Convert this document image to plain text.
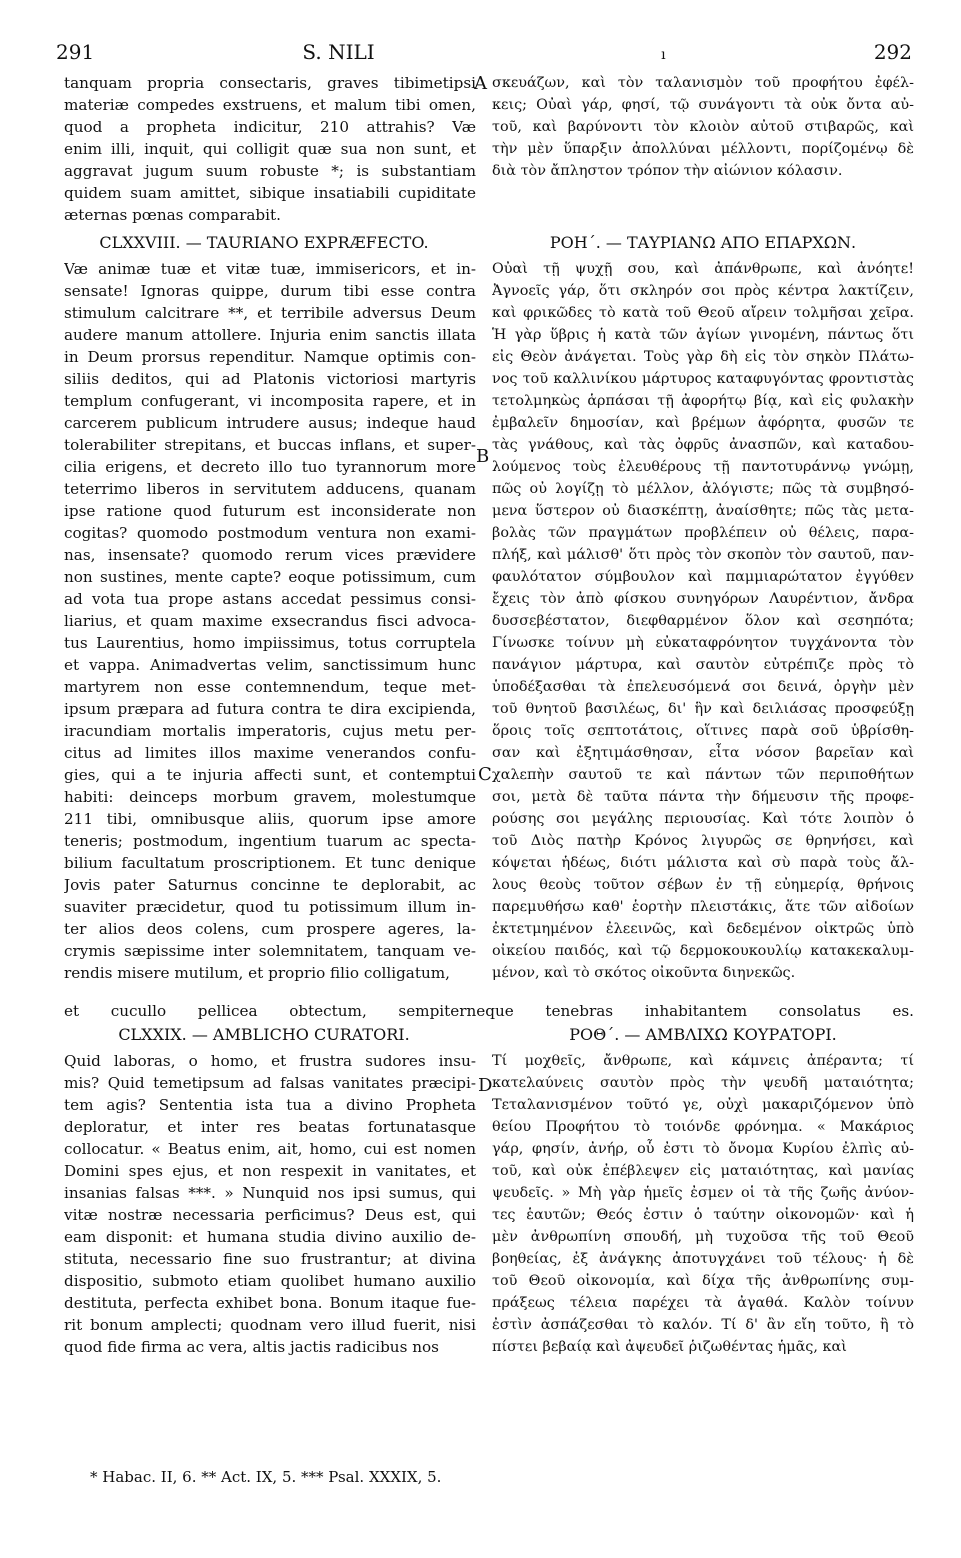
291	S. NILI	ı	292
tanquam propria consectaris, graves tibimetipsi
materiæ compedes exstruens, et malum tibi omen,
quod a propheta indicitur, 210 attrahis? Væ
enim illi, inquit, qui colligit quæ sua non sunt, et
aggravat jugum suum robuste *; is substantiam
quidem suam amittet, sibique insatiabili cupiditate
æternas pœnas comparabit.
CLXXVIII. — TAURIANO EXPRÆFECTO.
Væ animæ tuæ et vitæ tuæ, immisericors, et in-
sensate! Ignoras quippe, durum tibi esse contra
stimulum calcitrare **, et terribile adversus Deum
audere manum attollere. Injuria enim sanctis illata
in Deum prorsus rependitur. Namque optimis con-
siliis deditos, qui ad Platonis victoriosi martyris
templum confugerant, vi incomposita rapere, et in
carcerem publicum intrudere ausus; indeque haud
tolerabiliter strepitans, et buccas inflans, et super-
cilia erigens, et decreto illo tuo tyrannorum more
teterrimo liberos in servitutem adducens, quanam
ipse ratione quod futurum est inconsiderate non
cogitas? quomodo postmodum ventura non exami-
nas, insensate? quomodo rerum vices prævidere
non sustines, mente capte? eoque potissimum, cum
ad vota tua prope astans accedat pessimus consi-
liarius, et quam maxime exsecrandus fisci advoca-
tus Laurentius, homo impiissimus, totus corruptela
et vappa. Animadvertas velim, sanctissimum hunc
martyrem non esse contemnendum, teque met-
ipsum præpara ad futura contra te dira excipienda,
iracundiam mortalis imperatoris, cujus metu per-
citus ad limites illos maxime venerandos confu-
gies, qui a te injuria affecti sunt, et contemptui
habiti: deinceps morbum gravem, molestumque
211 tibi, omnibusque aliis, quorum ipse amore
teneris; postmodum, ingentium tuarum ac specta-
bilium facultatum proscriptionem. Et tunc denique
Jovis pater Saturnus concinne te deplorabit, ac
suaviter præcidetur, quod tu potissimum illum in-
ter alios deos colens, cum prospere ageres, la-
crymis sæpissime inter solemnitatem, tanquam ve-
rendis misere mutilum, et proprio filio colligatum,
σκευάζων, καὶ τὸν ταλανισμὸν τοῦ προφήτου ἐφέλ-
κεις; Οὐαὶ γάρ, φησί, τῷ συνάγοντι τὰ οὐκ ὄντα αὐ-
τοῦ, καὶ βαρύνοντι τὸν κλοιὸν αὐτοῦ στιβαρῶς, καὶ
τὴν μὲν ὕπαρξιν ἀπολλύναι μέλλοντι, πορίζομένῳ δὲ
διὰ τὸν ἄπληστον τρόπον τὴν αἰώνιον κόλασιν.
ΡΟΗ΄. — ΤΑΥΡΙΑΝΩ ΑΠΟ ΕΠΑΡΧΩΝ.
Οὐαὶ τῇ ψυχῇ σου, καὶ ἀπάνθρωπε, καὶ ἀνόητε!
Ἀγνοεῖς γάρ, ὅτι σκληρόν σοι πρὸς κέντρα λακτίζειν,
καὶ φρικῶδες τὸ κατὰ τοῦ Θεοῦ αἴρειν τολμῆσαι χεῖρα.
Ἡ γὰρ ὕβρις ἡ κατὰ τῶν ἁγίων γινομένη, πάντως ὅτι
εἰς Θεὸν ἀνάγεται. Τοὺς γὰρ δὴ εἰς τὸν σηκὸν Πλάτω-
νος τοῦ καλλινίκου μάρτυρος καταφυγόντας φροντιστὰς
τετολμηκὼς ἁρπάσαι τῇ ἀφορήτῳ βίᾳ, καὶ εἰς φυλακὴν
ἐμβαλεῖν δημοσίαν, καὶ βρέμων ἀφόρητα, φυσῶν τε
τὰς γνάθους, καὶ τὰς ὀφρῦς ἀνασπῶν, καὶ καταδου-
λούμενος τοὺς ἐλευθέρους τῇ παντοτυράννῳ γνώμῃ,
πῶς οὐ λογίζῃ τὸ μέλλον, ἀλόγιστε; πῶς τὰ συμβησό-
μενα ὕστερον οὐ διασκέπτῃ, ἀναίσθητε; πῶς τὰς μετα-
βολὰς τῶν πραγμάτων προβλέπειν οὐ θέλεις, παρα-
πλήξ, καὶ μάλισθ' ὅτι πρὸς τὸν σκοπὸν τὸν σαυτοῦ, παν-
φαυλότατον σύμβουλον καὶ παμμιαρώτατον ἐγγύθεν
ἔχεις τὸν ἀπὸ φίσκου συνηγόρων Λαυρέντιον, ἄνδρα
δυσσεβέστατον, διεφθαρμένον ὅλον καὶ σεσηπότα;
Γίνωσκε τοίνυν μὴ εὐκαταφρόνητον τυγχάνοντα τὸν
πανάγιον μάρτυρα, καὶ σαυτὸν εὐτρέπιζε πρὸς τὸ
ὑποδέξασθαι τὰ ἐπελευσόμενά σοι δεινά, ὀργὴν μὲν
τοῦ θνητοῦ βασιλέως, δι' ἣν καὶ δειλιάσας προσφεύξῃ
ὅροις τοῖς σεπτοτάτοις, οἵτινες παρὰ σοῦ ὑβρίσθη-
σαν καὶ ἐξητιμάσθησαν, εἶτα νόσον βαρεῖαν καὶ
χαλεπὴν σαυτοῦ τε καὶ πάντων τῶν περιποθήτων
σοι, μετὰ δὲ ταῦτα πάντα τὴν δήμευσιν τῆς προφε-
ρούσης σοι μεγάλης περιουσίας. Καὶ τότε λοιπὸν ὁ
τοῦ Διὸς πατὴρ Κρόνος λιγυρῶς σε θρηνήσει, καὶ
κόψεται ἡδέως, διότι μάλιστα καὶ σὺ παρὰ τοὺς ἄλ-
λους θεοὺς τοῦτον σέβων ἐν τῇ εὐημερίᾳ, θρήνοις
παρεμυθήσω καθ' ἑορτὴν πλειστάκις, ἅτε τῶν αἰδοίων
ἐκτετμημένον ἐλεεινῶς, καὶ δεδεμένον οἰκτρῶς ὑπὸ
οἰκείου παιδός, καὶ τῷ δερμοκουκουλίῳ κατακεκαλυμ-
μένον, καὶ τὸ σκότος οἰκοῦντα διηνεκῶς.
et cucullo pellicea obtectum, sempiterneque tenebras inhabitantem consolatus es.
CLXXIX. — AMBLICHO CURATORI.
Quid laboras, o homo, et frustra sudores insu-
mis? Quid temetipsum ad falsas vanitates præcipi-
tem agis? Sententia ista tua a divino Propheta
deploratur, et inter res beatas fortunatasque
collocatur. « Beatus enim, ait, homo, cui est nomen
Domini spes ejus, et non respexit in vanitates, et
insanias falsas ***. » Nunquid nos ipsi sumus, qui
vitæ nostræ necessaria perficimus? Deus est, qui
eam disponit: et humana studia divino auxilio de-
stituta, necessario fine suo frustrantur; at divina
dispositio, submoto etiam quolibet humano auxilio
destituta, perfecta exhibet bona. Bonum itaque fue-
rit bonum amplecti; quodnam vero illud fuerit, nisi
quod fide firma ac vera, altis jactis radicibus nos
ΡΟΘ΄. — ΑΜΒΛΙΧΩ ΚΟΥΡΑΤΟΡΙ.
Τί μοχθεῖς, ἄνθρωπε, καὶ κάμνεις ἀπέραντα; τί
κατελαύνεις σαυτὸν πρὸς τὴν ψευδῆ ματαιότητα;
Τεταλανισμένον τοῦτό γε, οὐχὶ μακαριζόμενον ὑπὸ
θείου Προφήτου τὸ τοιόνδε φρόνημα. « Μακάριος
γάρ, φησίν, ἀνήρ, οὗ ἐστι τὸ ὄνομα Κυρίου ἐλπὶς αὐ-
τοῦ, καὶ οὐκ ἐπέβλεψεν εἰς ματαιότητας, καὶ μανίας
ψευδεῖς. » Μὴ γὰρ ἡμεῖς ἐσμεν οἱ τὰ τῆς ζωῆς ἀνύον-
τες ἑαυτῶν; Θεός ἐστιν ὁ ταύτην οἰκονομῶν· καὶ ἡ
μὲν ἀνθρωπίνη σπουδή, μὴ τυχοῦσα τῆς τοῦ Θεοῦ
βοηθείας, ἐξ ἀνάγκης ἀποτυγχάνει τοῦ τέλους· ἡ δὲ
τοῦ Θεοῦ οἰκονομία, καὶ δίχα τῆς ἀνθρωπίνης συμ-
πράξεως τέλεια παρέχει τὰ ἀγαθά. Καλὸν τοίνυν
ἐστὶν ἀσπάζεσθαι τὸ καλόν. Τί δ' ἂν εἴη τοῦτο, ἢ τὸ
πίστει βεβαίᾳ καὶ ἀψευδεῖ ῥιζωθέντας ἡμᾶς, καὶ
A
B
C
D
* Habac. II, 6. ** Act. IX, 5. *** Psal. XXXIX, 5.
